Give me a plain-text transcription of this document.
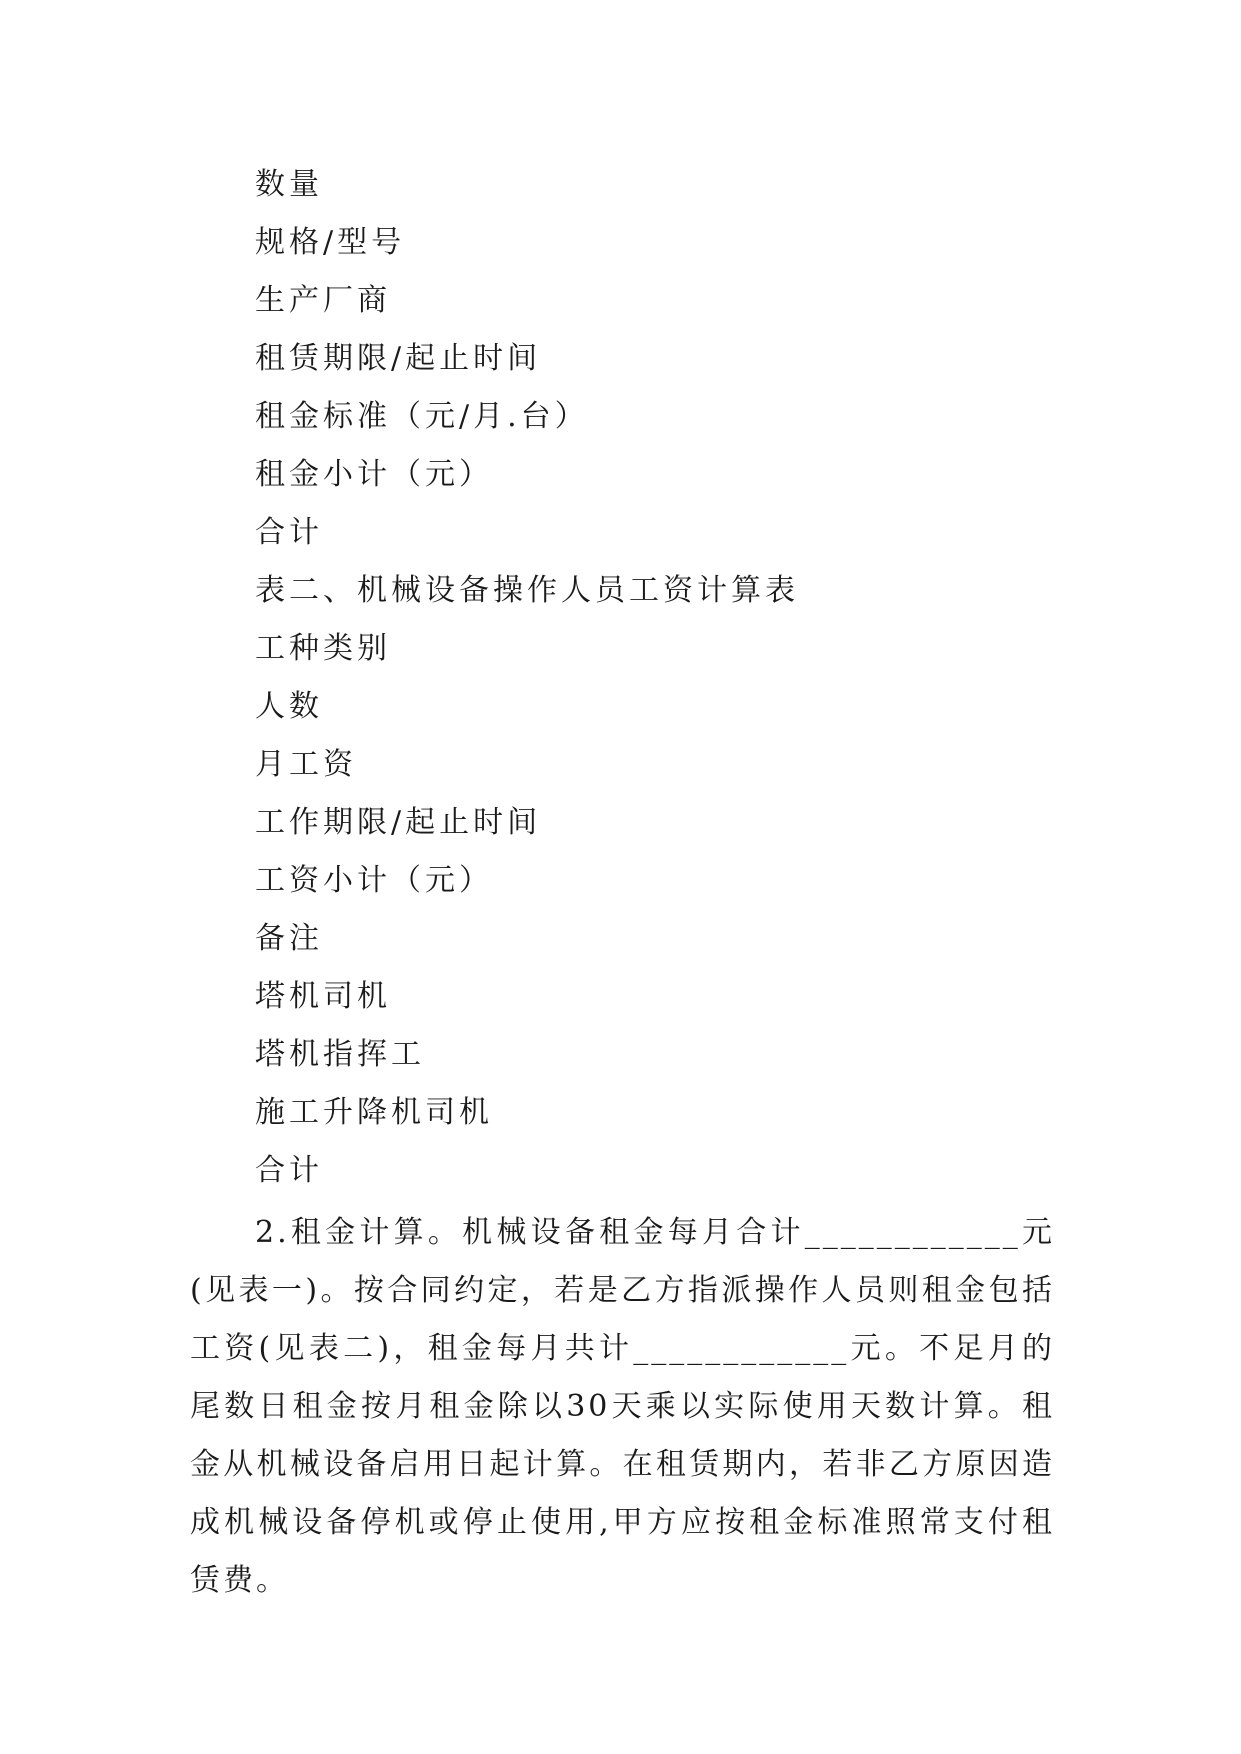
数量
规格/型号
生产厂商
租赁期限/起止时间
租金标准（元/月.台）
租金小计（元）
合计
表二、机械设备操作人员工资计算表
工种类别
人数
月工资
工作期限/起止时间
工资小计（元）
备注
塔机司机
塔机指挥工
施工升降机司机
合计

2.租金计算。机械设备租金每月合计____________元(见表一)。按合同约定，若是乙方指派操作人员则租金包括工资(见表二)，租金每月共计____________元。不足月的尾数日租金按月租金除以30天乘以实际使用天数计算。租金从机械设备启用日起计算。在租赁期内，若非乙方原因造成机械设备停机或停止使用,甲方应按租金标准照常支付租赁费。
